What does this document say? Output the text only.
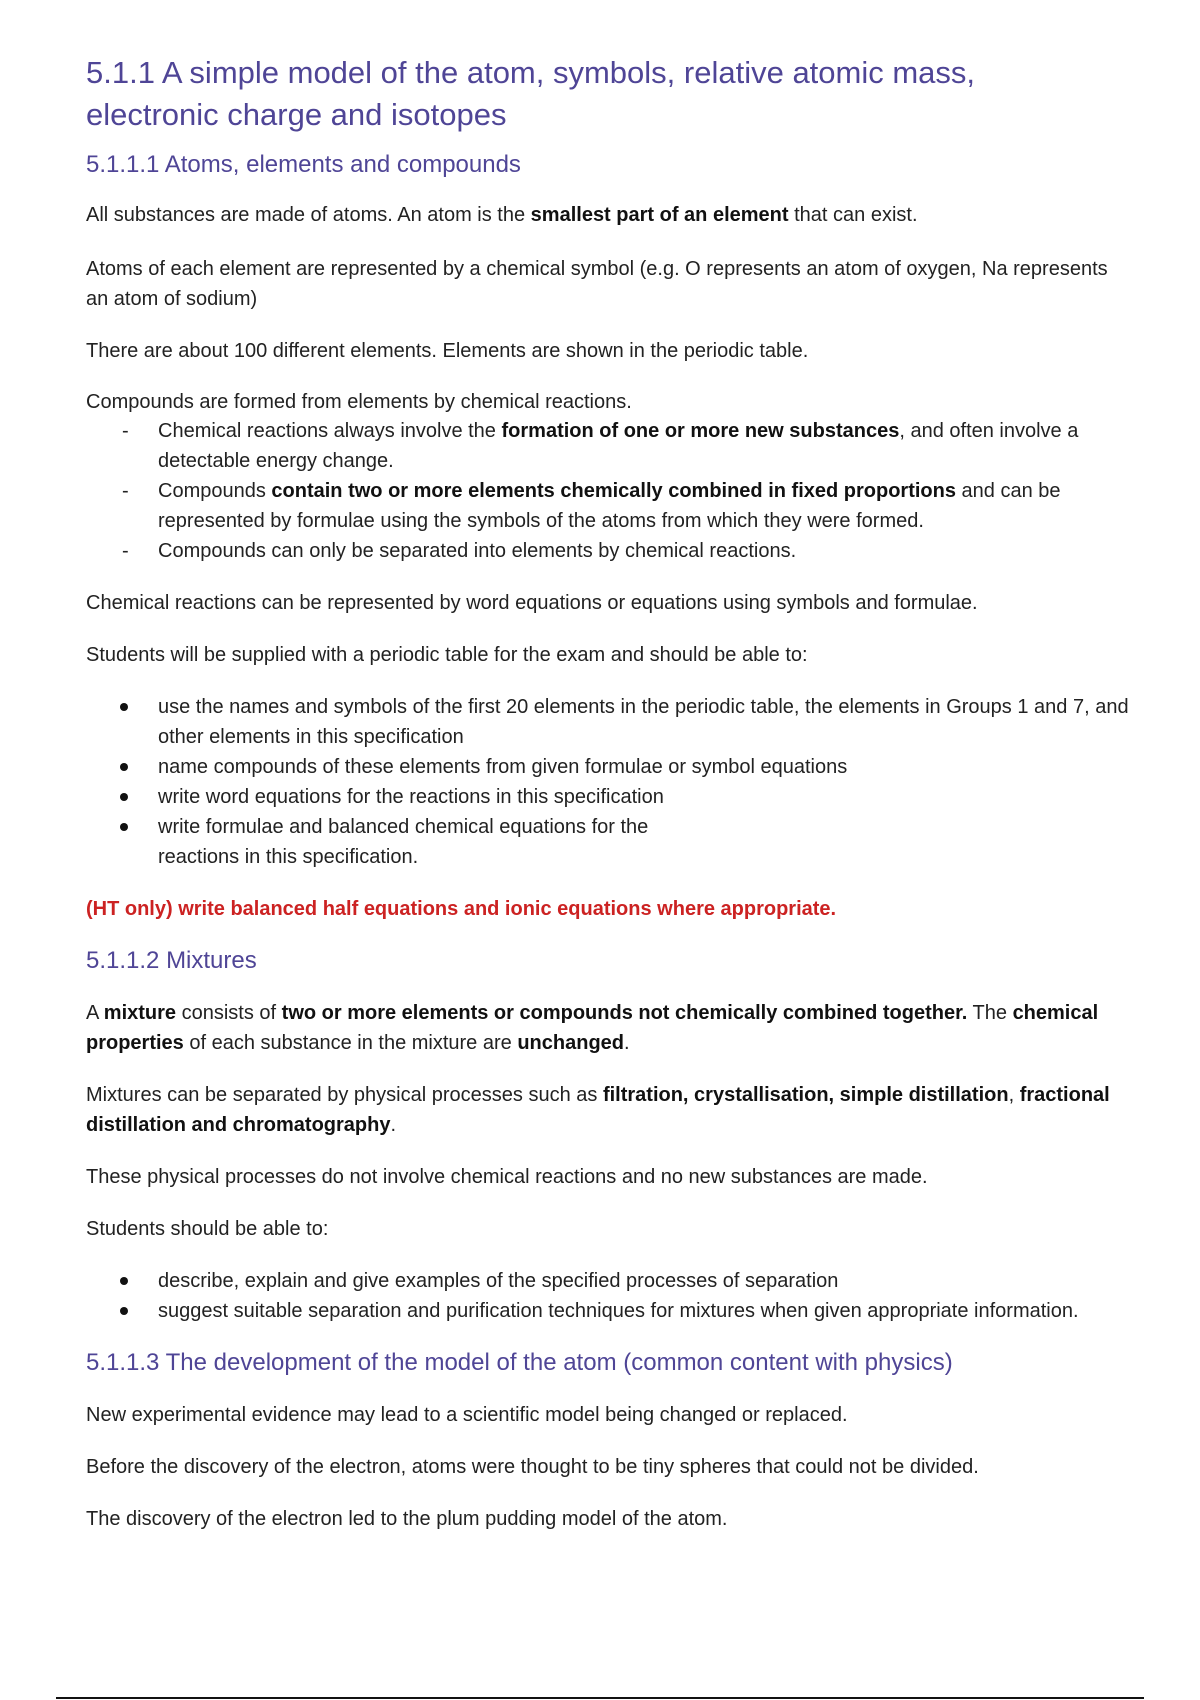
5.1.1 A simple model of the atom, symbols, relative atomic mass, electronic charge and isotopes
5.1.1.1 Atoms, elements and compounds

All substances are made of atoms. An atom is the smallest part of an element that can exist.

Atoms of each element are represented by a chemical symbol (e.g. O represents an atom of oxygen, Na represents an atom of sodium)

There are about 100 different elements. Elements are shown in the periodic table.

Compounds are formed from elements by chemical reactions.

- Chemical reactions always involve the formation of one or more new substances, and often involve a detectable energy change.
- Compounds contain two or more elements chemically combined in fixed proportions and can be represented by formulae using the symbols of the atoms from which they were formed.
- Compounds can only be separated into elements by chemical reactions.

Chemical reactions can be represented by word equations or equations using symbols and formulae.

Students will be supplied with a periodic table for the exam and should be able to:

use the names and symbols of the first 20 elements in the periodic table, the elements in Groups 1 and 7, and other elements in this specification
name compounds of these elements from given formulae or symbol equations
write word equations for the reactions in this specification
write formulae and balanced chemical equations for the
reactions in this specification.

(HT only) write balanced half equations and ionic equations where appropriate.

5.1.1.2 Mixtures

A mixture consists of two or more elements or compounds not chemically combined together. The chemical properties of each substance in the mixture are unchanged.

Mixtures can be separated by physical processes such as filtration, crystallisation, simple distillation, fractional distillation and chromatography.

These physical processes do not involve chemical reactions and no new substances are made.

Students should be able to:

describe, explain and give examples of the specified processes of separation
suggest suitable separation and purification techniques for mixtures when given appropriate information.
5.1.1.3 The development of the model of the atom (common content with physics)

New experimental evidence may lead to a scientific model being changed or replaced.

Before the discovery of the electron, atoms were thought to be tiny spheres that could not be divided.

The discovery of the electron led to the plum pudding model of the atom.
